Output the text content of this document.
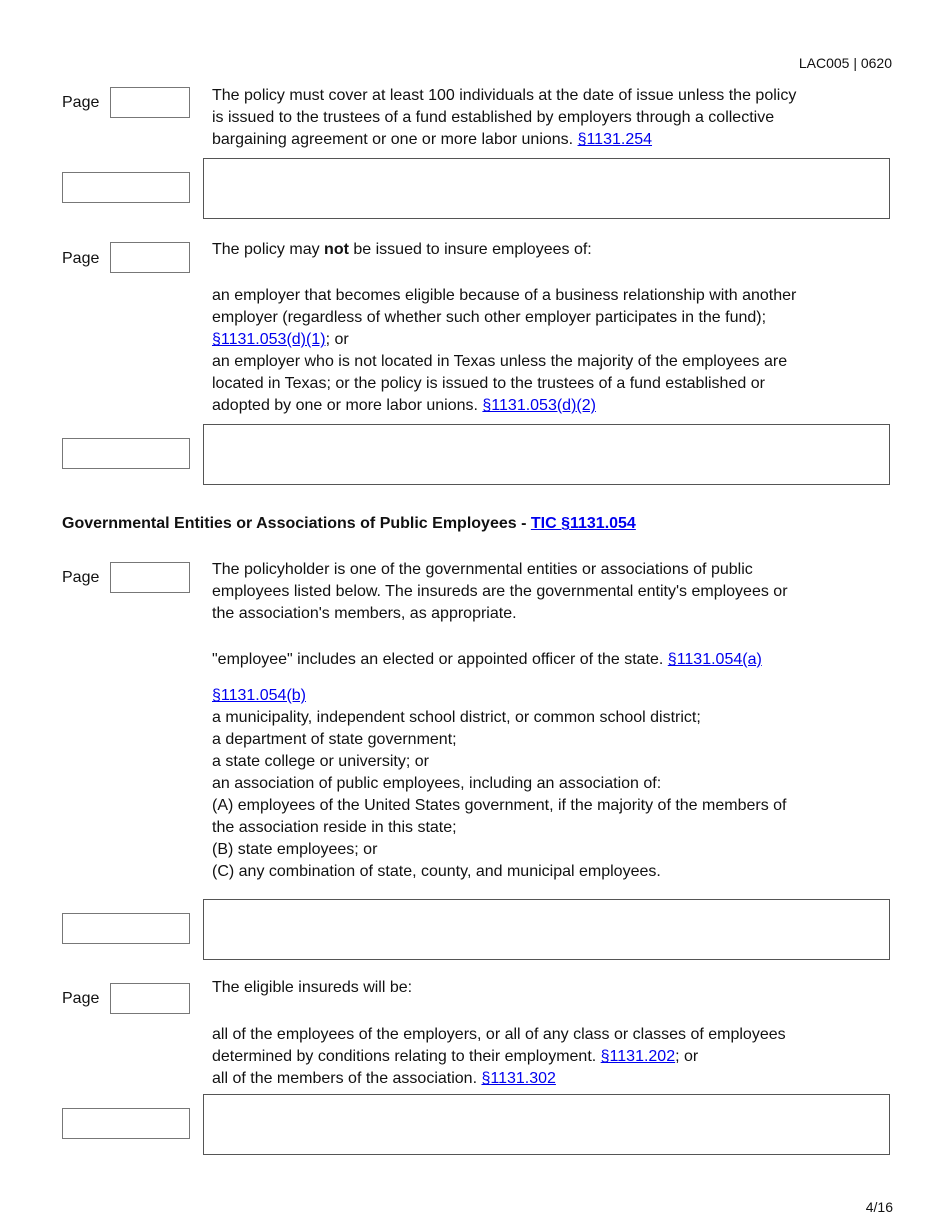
LAC005 | 0620
Page	The policy must cover at least 100 individuals at the date of issue unless the policy
is issued to the trustees of a fund established by employers through a collective
bargaining agreement or one or more labor unions. §1131.254
Page
The policy may not be issued to insure employees of:
an employer that becomes eligible because of a business relationship with another
employer (regardless of whether such other employer participates in the fund);
§1131.053(d)(1); or
an employer who is not located in Texas unless the majority of the employees are
located in Texas; or the policy is issued to the trustees of a fund established or
adopted by one or more labor unions. §1131.053(d)(2)
Governmental Entities or Associations of Public Employees - TIC §1131.054
Page	The policyholder is one of the governmental entities or associations of public
employees listed below. The insureds are the governmental entity's employees or
the association's members, as appropriate.
"employee" includes an elected or appointed officer of the state. §1131.054(a)
§1131.054(b)
a municipality, independent school district, or common school district;
a department of state government;
a state college or university; or
an association of public employees, including an association of:
(A) employees of the United States government, if the majority of the members of
the association reside in this state;
(B) state employees; or
(C) any combination of state, county, and municipal employees.
Page
The eligible insureds will be:
all of the employees of the employers, or all of any class or classes of employees
determined by conditions relating to their employment. §1131.202; or
all of the members of the association. §1131.302
4/16
